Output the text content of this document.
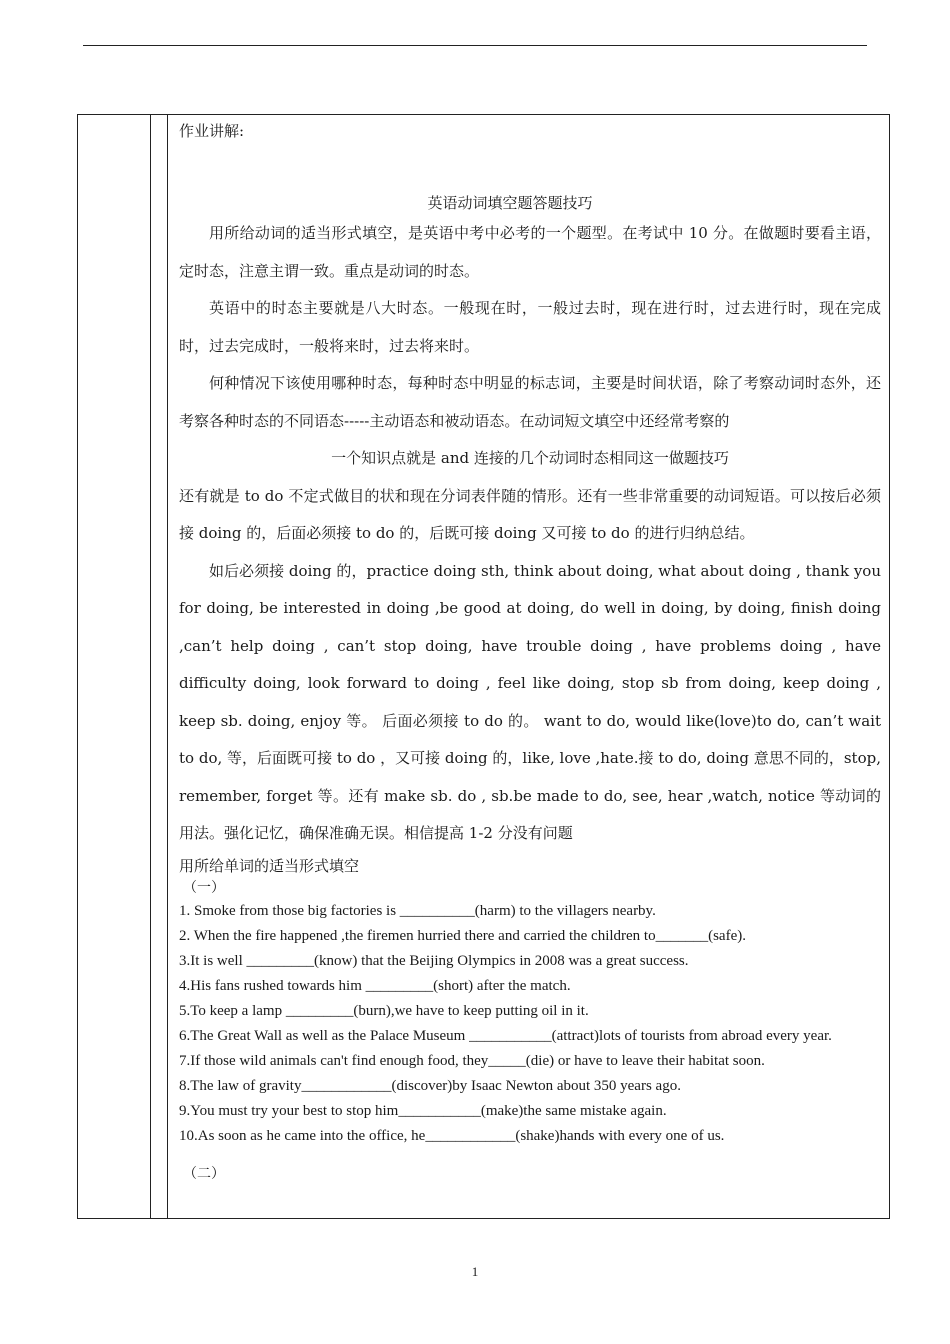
作业讲解:

英语动词填空题答题技巧

用所给动词的适当形式填空，是英语中考中必考的一个题型。在考试中 10 分。在做题时要看主语，定时态，注意主谓一致。重点是动词的时态。

英语中的时态主要就是八大时态。一般现在时，一般过去时，现在进行时，过去进行时，现在完成时，过去完成时，一般将来时，过去将来时。

何种情况下该使用哪种时态，每种时态中明显的标志词，主要是时间状语，除了考察动词时态外，还考察各种时态的不同语态-----主动语态和被动语态。在动词短文填空中还经常考察的

一个知识点就是 and 连接的几个动词时态相同这一做题技巧

还有就是 to do 不定式做目的状和现在分词表伴随的情形。还有一些非常重要的动词短语。可以按后必须接 doing 的，后面必须接 to do 的，后既可接 doing 又可接 to do 的进行归纳总结。

如后必须接 doing 的，practice doing sth, think about doing, what about doing , thank you for doing, be interested in doing ,be good at doing, do well in doing, by doing, finish doing ,can’t help doing , can’t stop doing, have trouble doing , have problems doing , have difficulty doing, look forward to doing , feel like doing, stop sb from doing, keep doing , keep sb. doing, enjoy 等。 后面必须接 to do 的。 want to do, would like(love)to do, can’t wait to do, 等，后面既可接 to do ，又可接 doing 的，like, love ,hate.接 to do, doing 意思不同的，stop, remember, forget 等。还有 make sb. do , sb.be made to do, see, hear ,watch, notice 等动词的用法。强化记忆，确保准确无误。相信提高 1-2 分没有问题

用所给单词的适当形式填空

（一）

1. Smoke from those big factories is __________(harm) to the villagers nearby.

2. When the fire happened ,the firemen hurried there and carried the children to_______(safe).

3.It is well _________(know) that the Beijing Olympics in 2008 was a great success.

4.His fans rushed towards him _________(short) after the match.

5.To keep a lamp _________(burn),we have to keep putting oil in it.

6.The Great Wall as well as the Palace Museum ___________(attract)lots of tourists from abroad every year.

7.If those wild animals can't find enough food, they_____(die) or have to leave their habitat soon.

8.The law of gravity____________(discover)by Isaac Newton about 350 years ago.

9.You must try your best to stop him___________(make)the same mistake again.

10.As soon as he came into the office, he____________(shake)hands with every one of us.

（二）

1
